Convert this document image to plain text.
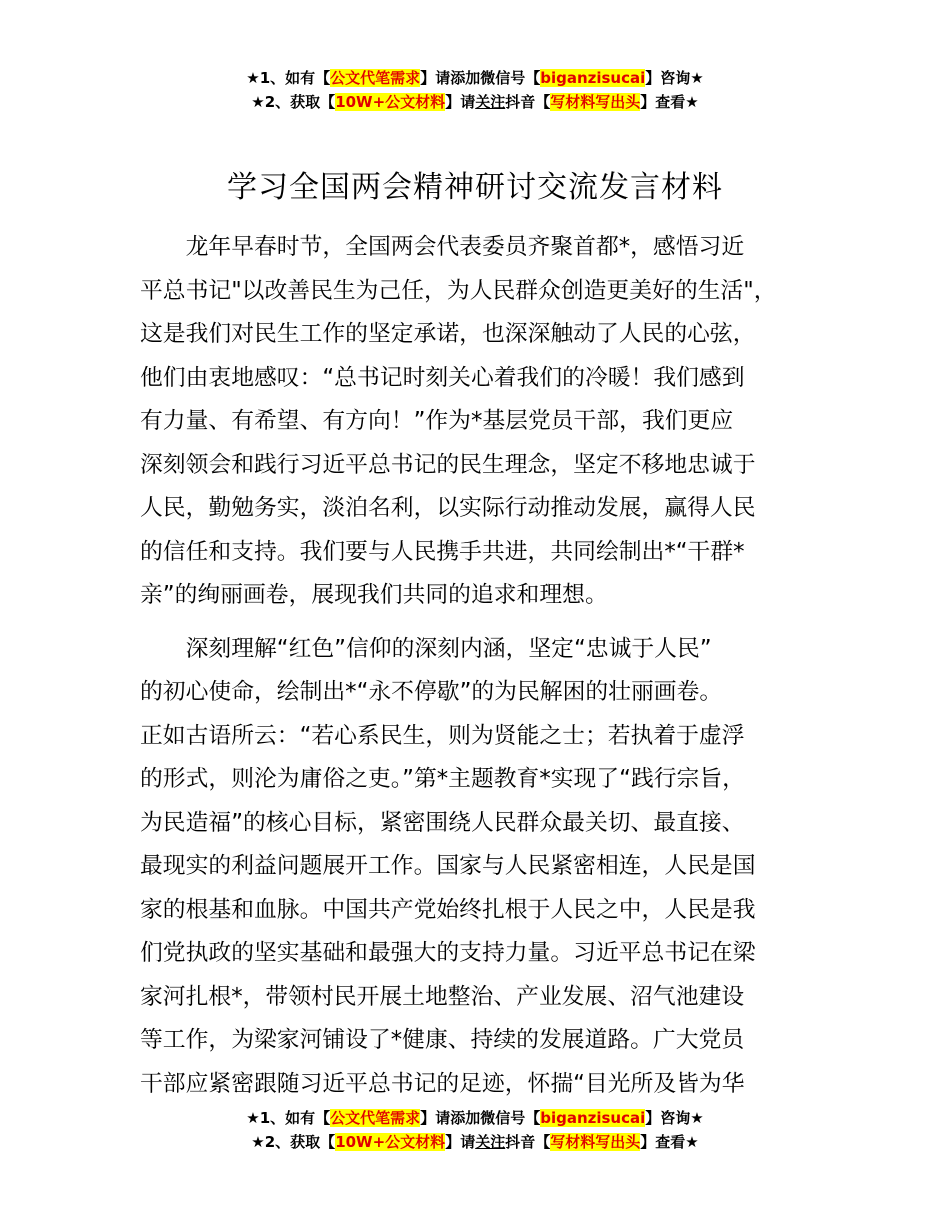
★1、如有【公文代笔需求】请添加微信号【biganzisucai】咨询★
★2、获取【10W+公文材料】请关注抖音【写材料写出头】查看★
学习全国两会精神研讨交流发言材料
　　龙年早春时节，全国两会代表委员齐聚首都*，感悟习近
平总书记"以改善民生为己任，为人民群众创造更美好的生活"，
这是我们对民生工作的坚定承诺，也深深触动了人民的心弦，
他们由衷地感叹：“总书记时刻关心着我们的冷暖！我们感到
有力量、有希望、有方向！”作为*基层党员干部，我们更应
深刻领会和践行习近平总书记的民生理念，坚定不移地忠诚于
人民，勤勉务实，淡泊名利，以实际行动推动发展，赢得人民
的信任和支持。我们要与人民携手共进，共同绘制出*“干群*
亲”的绚丽画卷，展现我们共同的追求和理想。
　　深刻理解“红色”信仰的深刻内涵，坚定“忠诚于人民”
的初心使命，绘制出*“永不停歇”的为民解困的壮丽画卷。
正如古语所云：“若心系民生，则为贤能之士；若执着于虚浮
的形式，则沦为庸俗之吏。”第*主题教育*实现了“践行宗旨，
为民造福”的核心目标，紧密围绕人民群众最关切、最直接、
最现实的利益问题展开工作。国家与人民紧密相连，人民是国
家的根基和血脉。中国共产党始终扎根于人民之中，人民是我
们党执政的坚实基础和最强大的支持力量。习近平总书记在梁
家河扎根*，带领村民开展土地整治、产业发展、沼气池建设
等工作，为梁家河铺设了*健康、持续的发展道路。广大党员
干部应紧密跟随习近平总书记的足迹，怀揣“目光所及皆为华
★1、如有【公文代笔需求】请添加微信号【biganzisucai】咨询★
★2、获取【10W+公文材料】请关注抖音【写材料写出头】查看★
